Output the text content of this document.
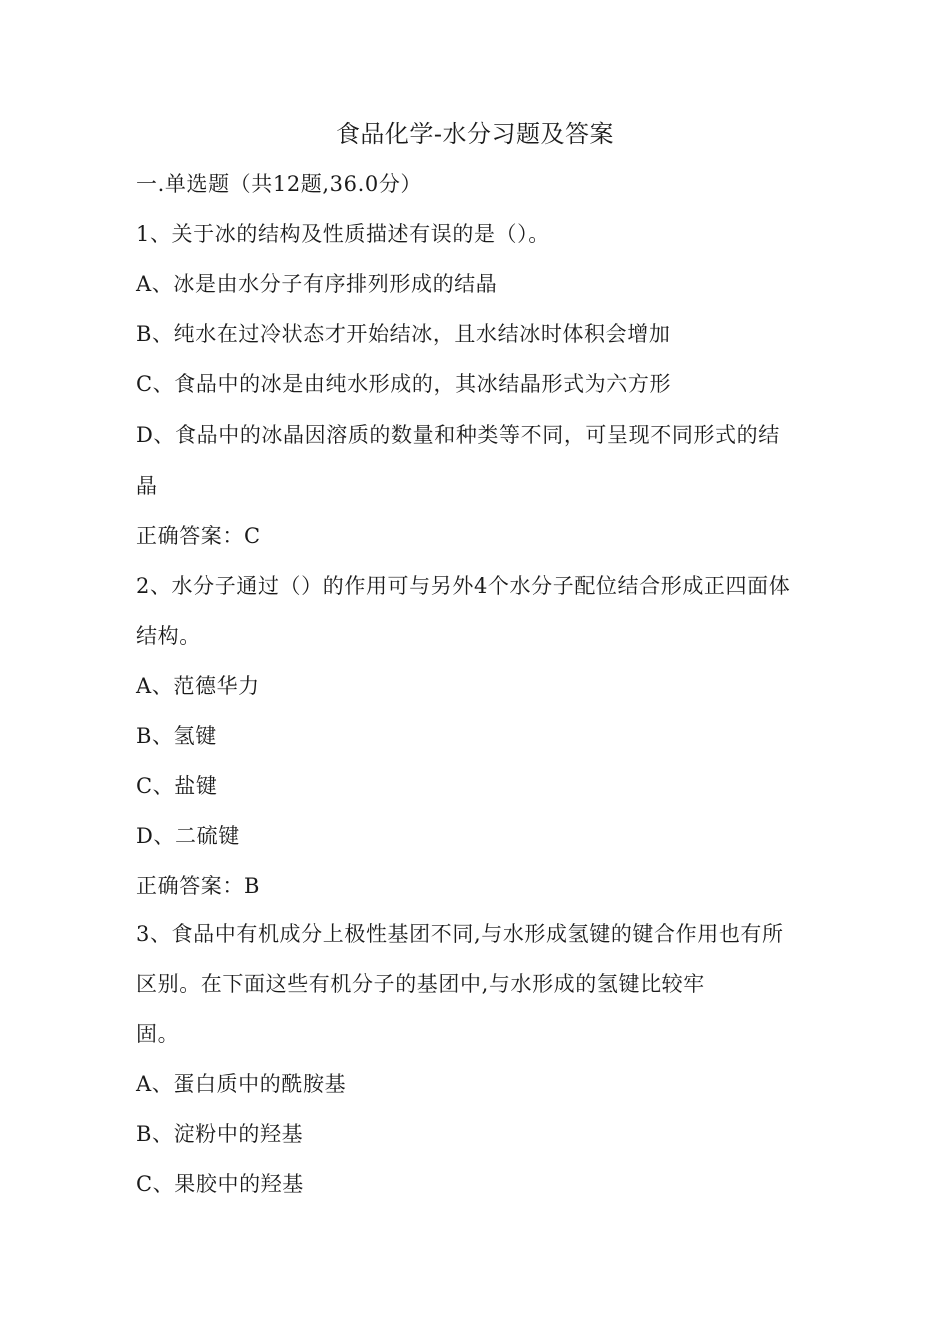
食品化学-水分习题及答案
一.单选题（共12题,36.0分）
1、关于冰的结构及性质描述有误的是（）。
A、冰是由水分子有序排列形成的结晶
B、纯水在过冷状态才开始结冰，且水结冰时体积会增加
C、食品中的冰是由纯水形成的，其冰结晶形式为六方形
D、食品中的冰晶因溶质的数量和种类等不同，可呈现不同形式的结
晶
正确答案：C
2、水分子通过（）的作用可与另外4个水分子配位结合形成正四面体
结构。
A、范德华力
B、氢键
C、盐键
D、二硫键
正确答案：B
3、食品中有机成分上极性基团不同,与水形成氢键的键合作用也有所
区别。在下面这些有机分子的基团中,与水形成的氢键比较牢
固。
A、蛋白质中的酰胺基
B、淀粉中的羟基
C、果胶中的羟基
